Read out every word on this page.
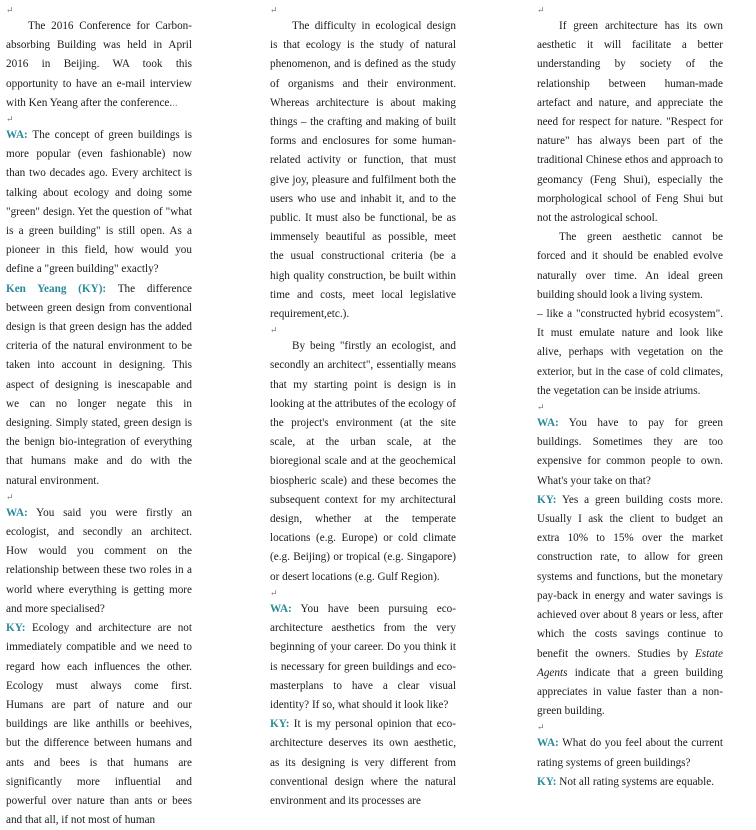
↵

The 2016 Conference for Carbon-absorbing Building was held in April 2016 in Beijing. WA took this opportunity to have an e-mail interview with Ken Yeang after the conference...

↵

WA: The concept of green buildings is more popular (even fashionable) now than two decades ago. Every architect is talking about ecology and doing some "green" design. Yet the question of "what is a green building" is still open. As a pioneer in this field, how would you define a "green building" exactly?

Ken Yeang (KY): The difference between green design from conventional design is that green design has the added criteria of the natural environment to be taken into account in designing. This aspect of designing is inescapable and we can no longer negate this in designing. Simply stated, green design is the benign bio-integration of everything that humans make and do with the natural environment.

↵

WA: You said you were firstly an ecologist, and secondly an architect. How would you comment on the relationship between these two roles in a world where everything is getting more and more specialised?

KY: Ecology and architecture are not immediately compatible and we need to regard how each influences the other. Ecology must always come first. Humans are part of nature and our buildings are like anthills or beehives, but the difference between humans and ants and bees is that humans are significantly more influential and powerful over nature than ants or bees and that all, if not most of human

↵

The difficulty in ecological design is that ecology is the study of natural phenomenon, and is defined as the study of organisms and their environment. Whereas architecture is about making things – the crafting and making of built forms and enclosures for some human-related activity or function, that must give joy, pleasure and fulfilment both the users who use and inhabit it, and to the public. It must also be functional, be as immensely beautiful as possible, meet the usual constructional criteria (be a high quality construction, be built within time and costs, meet local legislative requirement,etc.).

↵

By being "firstly an ecologist, and secondly an architect", essentially means that my starting point is design is in looking at the attributes of the ecology of the project's environment (at the site scale, at the urban scale, at the bioregional scale and at the geochemical biospheric scale) and these becomes the subsequent context for my architectural design, whether at the temperate locations (e.g. Europe) or cold climate (e.g. Beijing) or tropical (e.g. Singapore) or desert locations (e.g. Gulf Region).

↵

WA: You have been pursuing eco-architecture aesthetics from the very beginning of your career. Do you think it is necessary for green buildings and eco-masterplans to have a clear visual identity? If so, what should it look like?

KY: It is my personal opinion that eco-architecture deserves its own aesthetic, as its designing is very different from conventional design where the natural environment and its processes are

↵

If green architecture has its own aesthetic it will facilitate a better understanding by society of the relationship between human-made artefact and nature, and appreciate the need for respect for nature. "Respect for nature" has always been part of the traditional Chinese ethos and approach to geomancy (Feng Shui), especially the morphological school of Feng Shui but not the astrological school.

The green aesthetic cannot be forced and it should be enabled evolve naturally over time. An ideal green building should look a living system.

– like a "constructed hybrid ecosystem". It must emulate nature and look like alive, perhaps with vegetation on the exterior, but in the case of cold climates, the vegetation can be inside atriums.

↵

WA: You have to pay for green buildings. Sometimes they are too expensive for common people to own. What's your take on that?

KY: Yes a green building costs more. Usually I ask the client to budget an extra 10% to 15% over the market construction rate, to allow for green systems and functions, but the monetary pay-back in energy and water savings is achieved over about 8 years or less, after which the costs savings continue to benefit the owners. Studies by Estate Agents indicate that a green building appreciates in value faster than a non-green building.

↵

WA: What do you feel about the current rating systems of green buildings?

KY: Not all rating systems are equable.
